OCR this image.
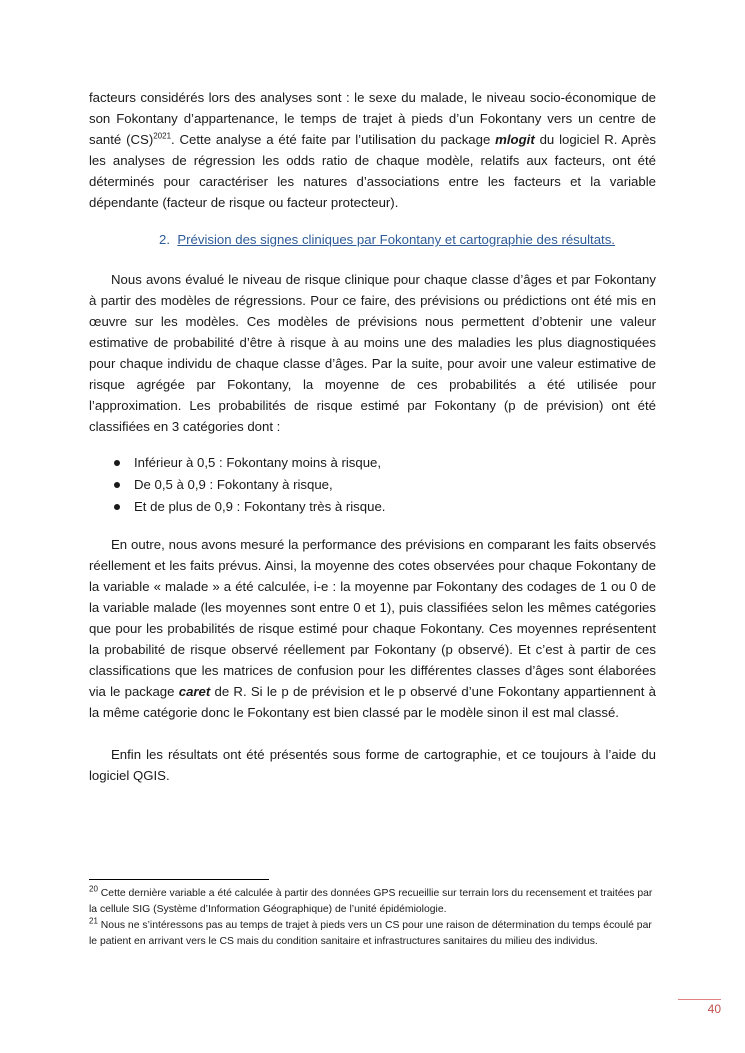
facteurs considérés lors des analyses sont : le sexe du malade, le niveau socio-économique de son Fokontany d’appartenance, le temps de trajet à pieds d’un Fokontany vers un centre de santé (CS)$^{2021}$. Cette analyse a été faite par l’utilisation du package mlogit du logiciel R. Après les analyses de régression les odds ratio de chaque modèle, relatifs aux facteurs, ont été déterminés pour caractériser les natures d’associations entre les facteurs et la variable dépendante (facteur de risque ou facteur protecteur).

2. Prévision des signes cliniques par Fokontany et cartographie des résultats.

Nous avons évalué le niveau de risque clinique pour chaque classe d’âges et par Fokontany à partir des modèles de régressions. Pour ce faire, des prévisions ou prédictions ont été mis en œuvre sur les modèles. Ces modèles de prévisions nous permettent d’obtenir une valeur estimative de probabilité d’être à risque à au moins une des maladies les plus diagnostiquées pour chaque individu de chaque classe d’âges. Par la suite, pour avoir une valeur estimative de risque agrégée par Fokontany, la moyenne de ces probabilités a été utilisée pour l’approximation. Les probabilités de risque estimé par Fokontany (p de prévision) ont été classifiées en 3 catégories dont :

Inférieur à 0,5 : Fokontany moins à risque,
De 0,5 à 0,9 : Fokontany à risque,
Et de plus de 0,9 : Fokontany très à risque.

En outre, nous avons mesuré la performance des prévisions en comparant les faits observés réellement et les faits prévus. Ainsi, la moyenne des cotes observées pour chaque Fokontany de la variable « malade » a été calculée, i-e : la moyenne par Fokontany des codages de 1 ou 0 de la variable malade (les moyennes sont entre 0 et 1), puis classifiées selon les mêmes catégories que pour les probabilités de risque estimé pour chaque Fokontany. Ces moyennes représentent la probabilité de risque observé réellement par Fokontany (p observé). Et c’est à partir de ces classifications que les matrices de confusion pour les différentes classes d’âges sont élaborées via le package caret de R. Si le p de prévision et le p observé d’une Fokontany appartiennent à la même catégorie donc le Fokontany est bien classé par le modèle sinon il est mal classé.

Enfin les résultats ont été présentés sous forme de cartographie, et ce toujours à l’aide du logiciel QGIS.

$^{20}$ Cette dernière variable a été calculée à partir des données GPS recueillie sur terrain lors du recensement et traitées par la cellule SIG (Système d’Information Géographique) de l’unité épidémiologie.

$^{21}$ Nous ne s’intéressons pas au temps de trajet à pieds vers un CS pour une raison de détermination du temps écoulé par le patient en arrivant vers le CS mais du condition sanitaire et infrastructures sanitaires du milieu des individus.

40
